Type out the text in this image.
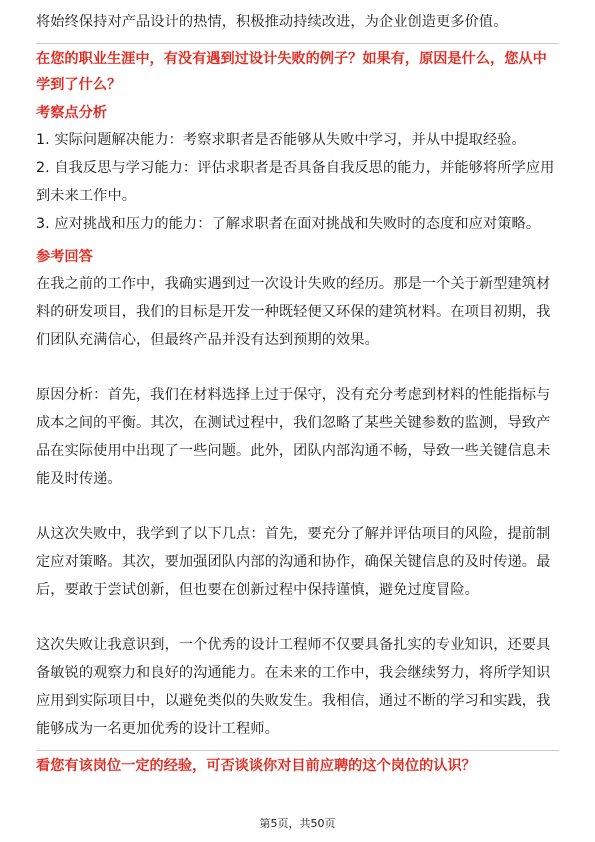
将始终保持对产品设计的热情，积极推动持续改进，为企业创造更多价值。

在您的职业生涯中，有没有遇到过设计失败的例子？如果有，原因是什么，您从中学到了什么？

考察点分析

1. 实际问题解决能力：考察求职者是否能够从失败中学习，并从中提取经验。

2. 自我反思与学习能力：评估求职者是否具备自我反思的能力，并能够将所学应用到未来工作中。

3. 应对挑战和压力的能力：了解求职者在面对挑战和失败时的态度和应对策略。

参考回答

在我之前的工作中，我确实遇到过一次设计失败的经历。那是一个关于新型建筑材料的研发项目，我们的目标是开发一种既轻便又环保的建筑材料。在项目初期，我们团队充满信心，但最终产品并没有达到预期的效果。

原因分析：首先，我们在材料选择上过于保守，没有充分考虑到材料的性能指标与成本之间的平衡。其次，在测试过程中，我们忽略了某些关键参数的监测，导致产品在实际使用中出现了一些问题。此外，团队内部沟通不畅，导致一些关键信息未能及时传递。

从这次失败中，我学到了以下几点：首先，要充分了解并评估项目的风险，提前制定应对策略。其次，要加强团队内部的沟通和协作，确保关键信息的及时传递。最后，要敢于尝试创新，但也要在创新过程中保持谨慎，避免过度冒险。

这次失败让我意识到，一个优秀的设计工程师不仅要具备扎实的专业知识，还要具备敏锐的观察力和良好的沟通能力。在未来的工作中，我会继续努力，将所学知识应用到实际项目中，以避免类似的失败发生。我相信，通过不断的学习和实践，我能够成为一名更加优秀的设计工程师。

看您有该岗位一定的经验，可否谈谈你对目前应聘的这个岗位的认识？

第5页，共50页
